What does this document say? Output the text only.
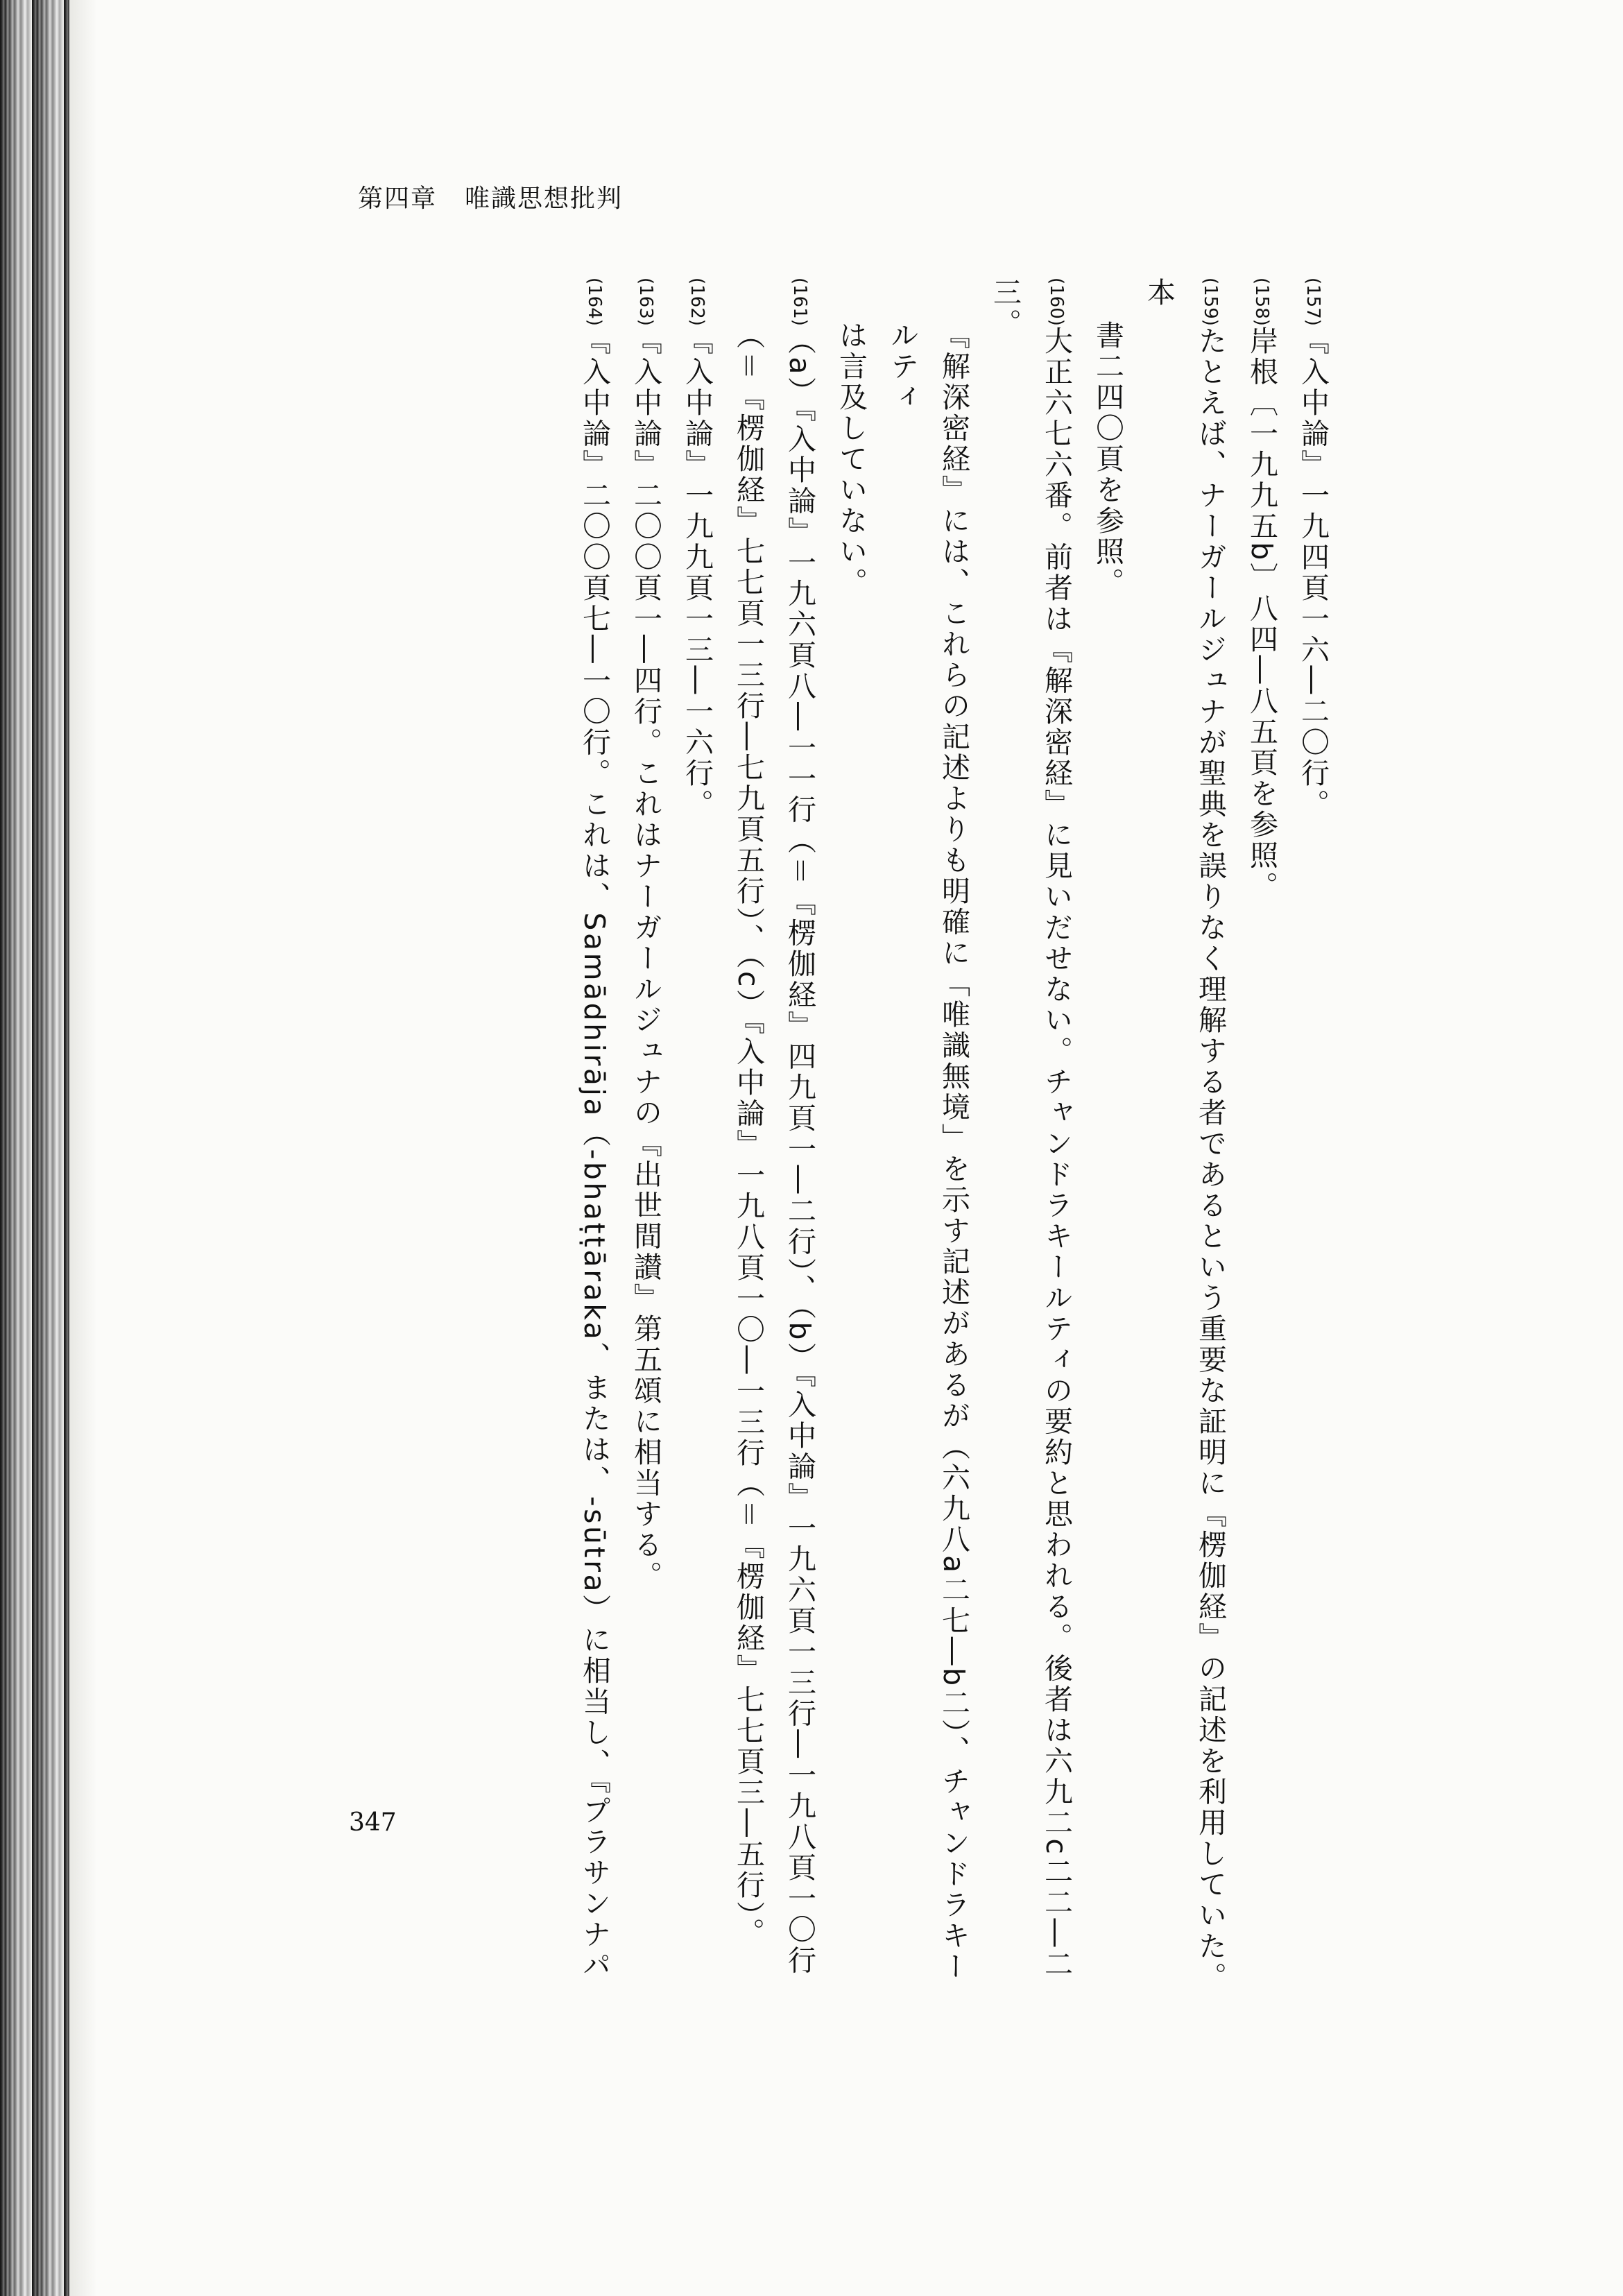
第四章 唯識思想批判

(157)『入中論』一九四頁一六―二〇行。

(158)岸根〔一九九五b〕八四―八五頁を参照。

(159)たとえば、ナーガールジュナが聖典を誤りなく理解する者であるという重要な証明に『楞伽経』の記述を利用していた。本
書二四〇頁を参照。

(160)大正六七六番。前者は『解深密経』に見いだせない。チャンドラキールティの要約と思われる。後者は六九二c二二―二三。
『解深密経』には、これらの記述よりも明確に「唯識無境」を示す記述があるが（六九八a二七―b二）、チャンドラキールティ
は言及していない。

(161)（a）『入中論』一九六頁八―一一行（＝『楞伽経』四九頁一―二行）、（b）『入中論』一九六頁一三行―一九八頁一〇行
（＝『楞伽経』七七頁一三行―七九頁五行）、（c）『入中論』一九八頁一〇―一三行（＝『楞伽経』七七頁三―五行）。

(162)『入中論』一九九頁一三―一六行。

(163)『入中論』二〇〇頁一―四行。これはナーガールジュナの『出世間讃』第五頌に相当する。

(164)『入中論』二〇〇頁七―一〇行。これは、Samādhirāja（-bhaṭṭāraka、または、-sūtra）に相当し、『プラサンナパ

347
